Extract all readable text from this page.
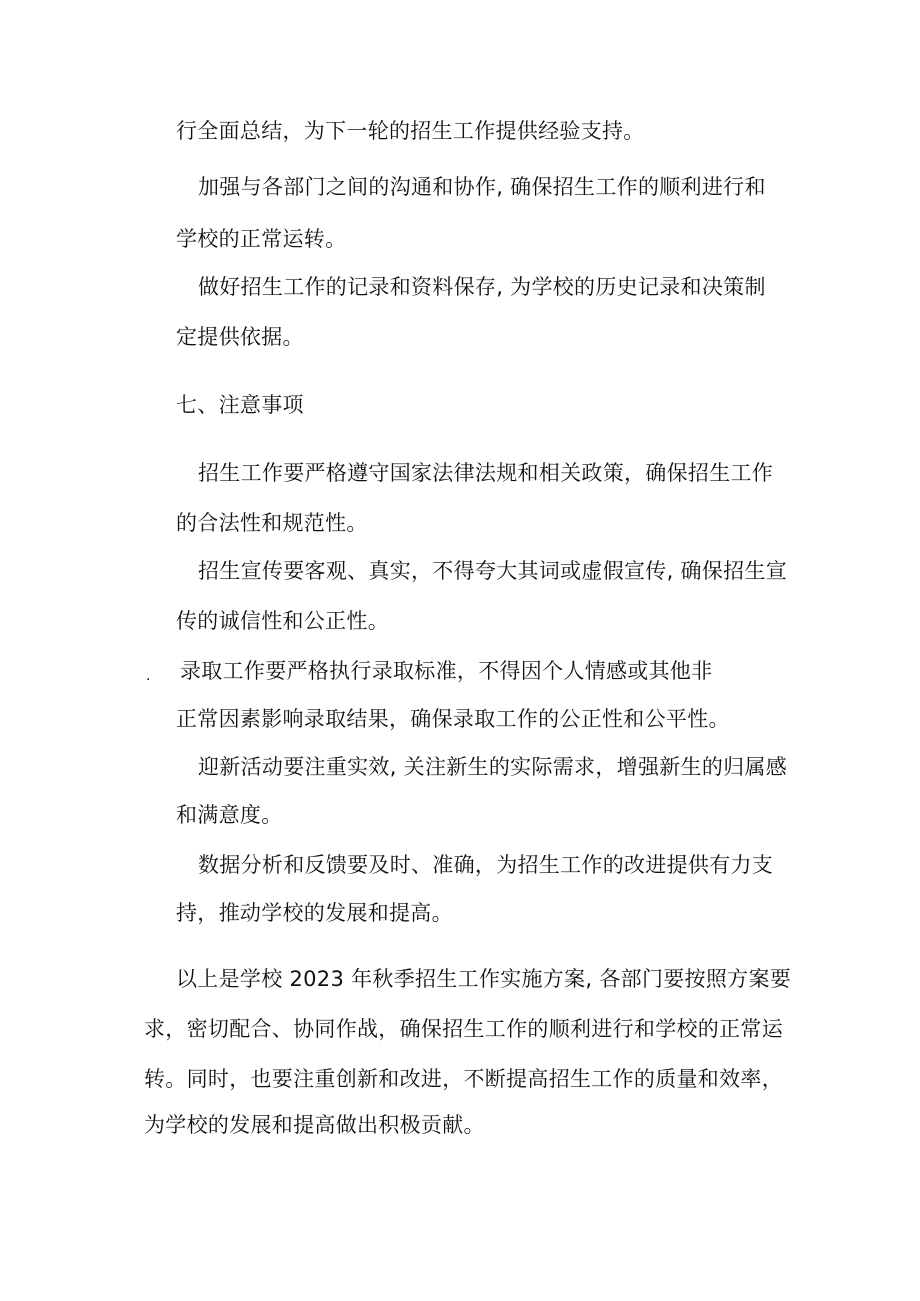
行全面总结，为下一轮的招生工作提供经验支持。
加强与各部门之间的沟通和协作, 确保招生工作的顺利进行和
学校的正常运转。
做好招生工作的记录和资料保存, 为学校的历史记录和决策制
定提供依据。
七、注意事项
招生工作要严格遵守国家法律法规和相关政策，确保招生工作
的合法性和规范性。
招生宣传要客观、真实，不得夸大其词或虚假宣传, 确保招生宣
传的诚信性和公正性。
. 录取工作要严格执行录取标准，不得因个人情感或其他非
正常因素影响录取结果，确保录取工作的公正性和公平性。
迎新活动要注重实效, 关注新生的实际需求，增强新生的归属感
和满意度。
数据分析和反馈要及时、准确，为招生工作的改进提供有力支
持，推动学校的发展和提高。
以上是学校 2023 年秋季招生工作实施方案, 各部门要按照方案要
求，密切配合、协同作战，确保招生工作的顺利进行和学校的正常运
转。同时，也要注重创新和改进，不断提高招生工作的质量和效率，
为学校的发展和提高做出积极贡献。
